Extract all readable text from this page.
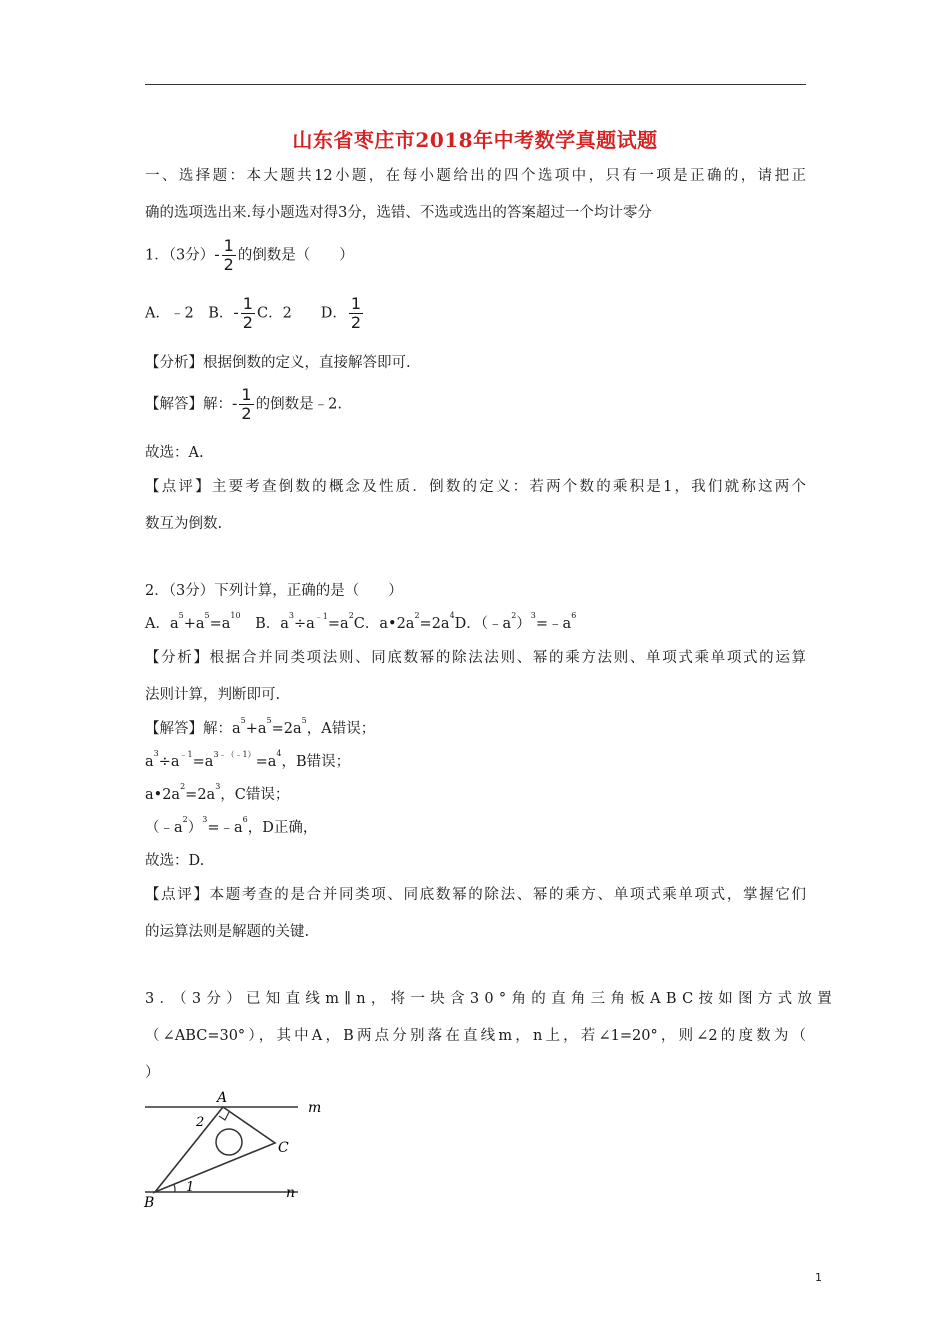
山东省枣庄市2018年中考数学真题试题
一、选择题：本大题共12小题，在每小题给出的四个选项中，只有一项是正确的，请把正
确的选项选出来.每小题选对得3分，选错、不选或选出的答案超过一个均计零分
1．（3分）- $\frac{1}{2}$ 的倒数是（　　）
A．﹣2　B．- $\frac{1}{2}$ C．2　　D． $\frac{1}{2}$
【分析】根据倒数的定义，直接解答即可.
【解答】解：- $\frac{1}{2}$ 的倒数是﹣2.
故选：A.
【点评】主要考查倒数的概念及性质．倒数的定义：若两个数的乘积是1，我们就称这两个
数互为倒数.
2．（3分）下列计算，正确的是（　　）
A．$a^5+a^5=a^{10}$　B．$a^3\div a^{﹣1}=a^2C$．$a•2a^2=2a^4D$．$(﹣a^2)^3=﹣a^6$
【分析】根据合并同类项法则、同底数幂的除法法则、幂的乘方法则、单项式乘单项式的运算
法则计算，判断即可.
【解答】解：$a^5+a^5=2a^5$，A错误；
$a^3\div a^{﹣1}=a^{3﹣(﹣1)}=a^4$，B错误；
$a•2a^2=2a^3$，C错误；
$(﹣a^2)^3=﹣a^6$，D正确，
故选：D.
【点评】本题考查的是合并同类项、同底数幂的除法、幂的乘方、单项式乘单项式，掌握它们
的运算法则是解题的关键.
3．（3分）已知直线m∥n，将一块含30°角的直角三角板ABC按如图方式放置
（∠ABC=30°），其中A，B两点分别落在直线m，n上，若∠1=20°，则∠2的度数为（
）
A
C
B
m
n
1
2
1
